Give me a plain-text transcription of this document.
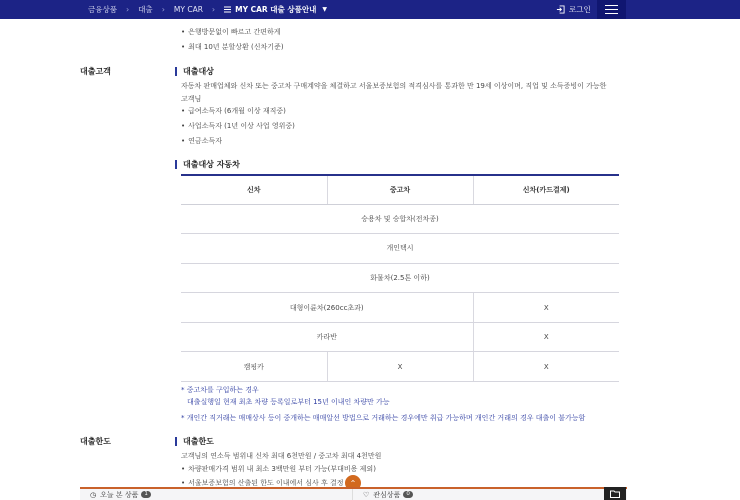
금융상품 › 대출 › MY CAR ›	MY CAR 대출 상품안내 ▼	로그인
• 은행방문없이 빠르고 간편하게
• 최대 10년 분할상환 (신차기준)
대출고객	대출대상
자동차 판매업체와 신차 또는 중고차 구매계약을 체결하고 서울보증보험의 적격심사를 통과한 만 19세 이상이며, 직업 및 소득증빙이 가능한
고객님
• 급여소득자 (6개월 이상 재직중)
• 사업소득자 (1년 이상 사업 영위중)
• 연금소득자
대출대상 자동차
신차	중고차	신차(카드결제)
승용차 및 승합차(전차종)		
개인택시		
화물차(2.5톤 이하)		
대형이륜차(260cc초과)		X
카라반		X
캠핑카	X	X
* 중고차를 구입하는 경우
대출실행일 현재 최초 차량 등록일로부터 15년 이내인 차량만 가능
* 개인간 직거래는 매매상사 등이 중개하는 매매알선 방법으로 거래하는 경우에만 취급 가능하며 개인간 거래의 경우 대출이 불가능함
대출한도	대출한도
고객님의 연소득 범위내 신차 최대 6천만원 / 중고차 최대 4천만원
• 차량판매가격 범위 내 최소 3백만원 부터 가능(부대비용 제외)
• 서울보증보험의 산출된 한도 이내에서 심사 후 결정 ⌃
◷ 오늘 본 상품	1	♡ 관심상품	0
